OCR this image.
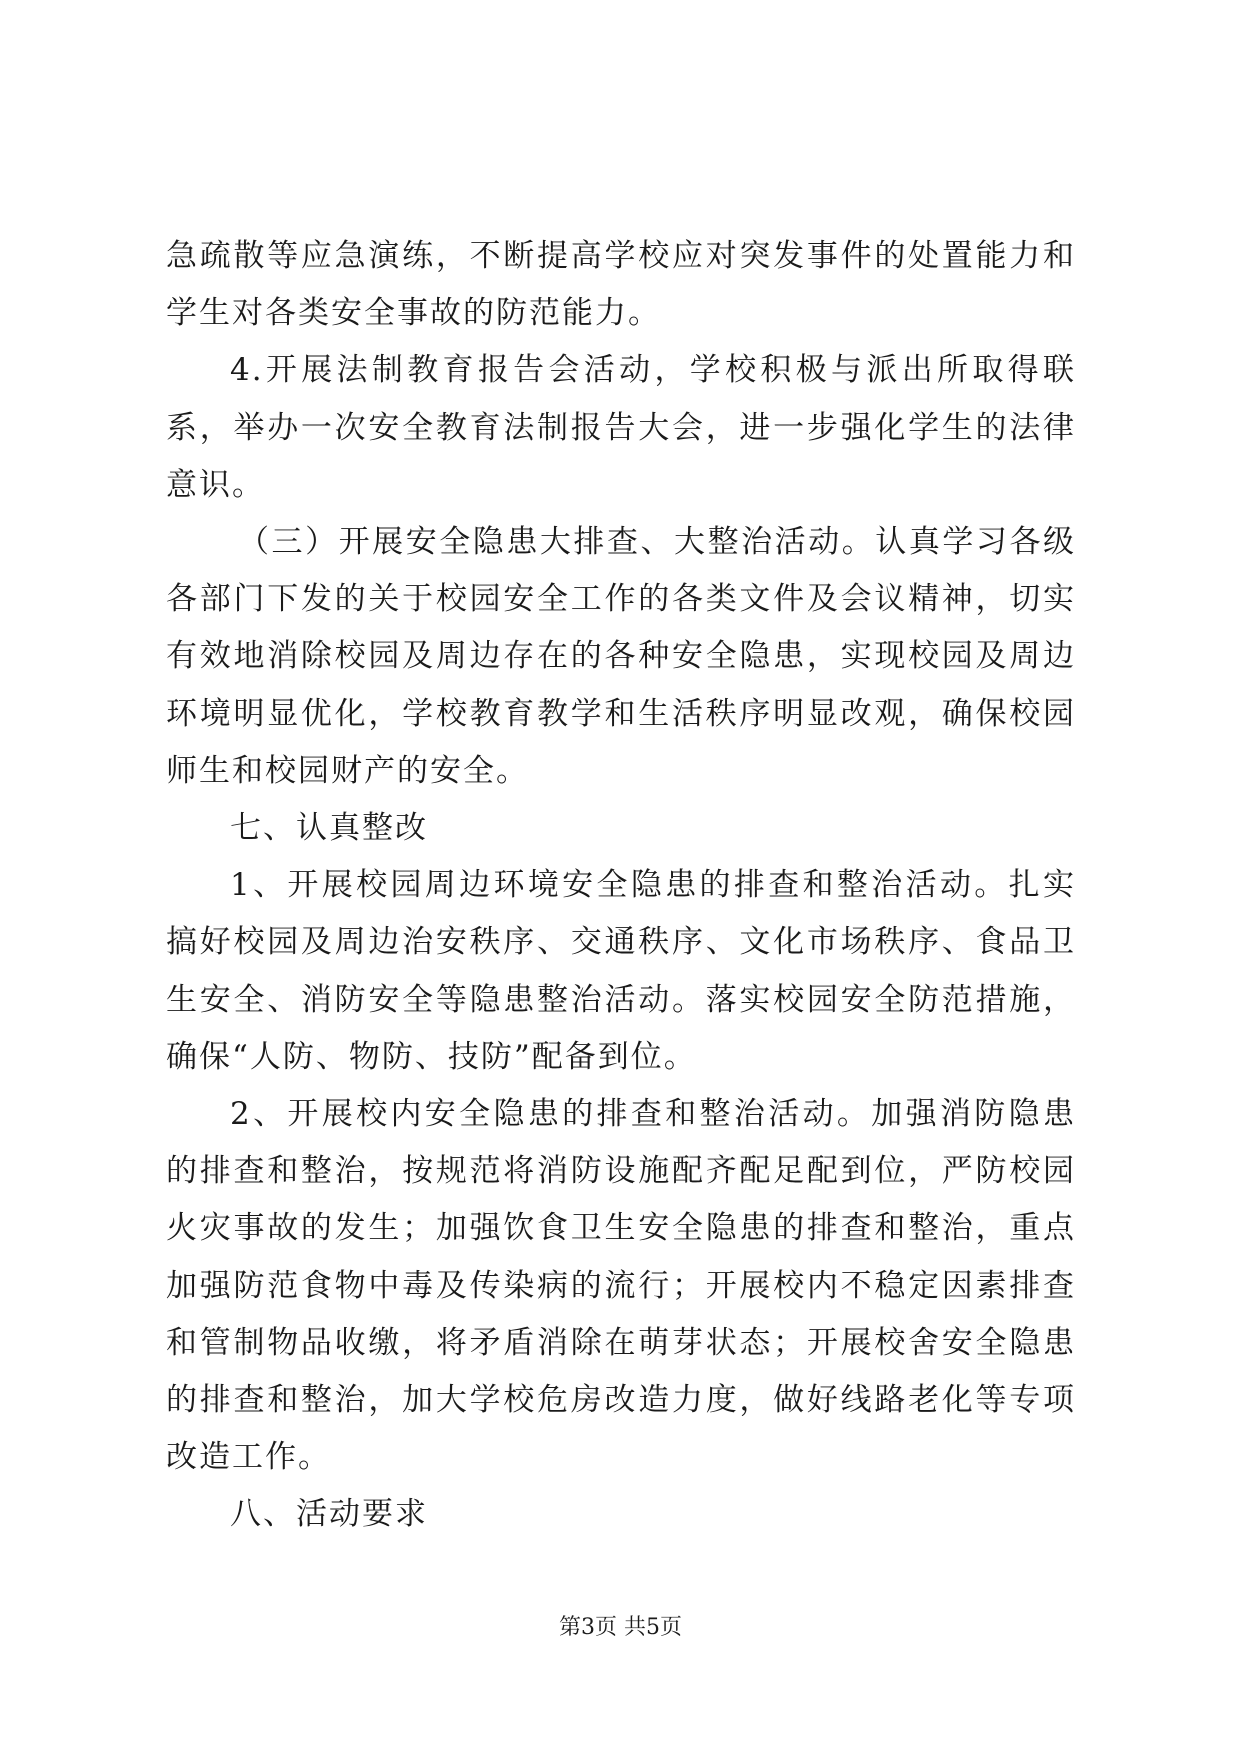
急疏散等应急演练，不断提高学校应对突发事件的处置能力和学生对各类安全事故的防范能力。

4.开展法制教育报告会活动，学校积极与派出所取得联系，举办一次安全教育法制报告大会，进一步强化学生的法律意识。

（三）开展安全隐患大排查、大整治活动。认真学习各级各部门下发的关于校园安全工作的各类文件及会议精神，切实有效地消除校园及周边存在的各种安全隐患，实现校园及周边环境明显优化，学校教育教学和生活秩序明显改观，确保校园师生和校园财产的安全。

七、认真整改

1、开展校园周边环境安全隐患的排查和整治活动。扎实搞好校园及周边治安秩序、交通秩序、文化市场秩序、食品卫生安全、消防安全等隐患整治活动。落实校园安全防范措施，确保“人防、物防、技防”配备到位。

2、开展校内安全隐患的排查和整治活动。加强消防隐患的排查和整治，按规范将消防设施配齐配足配到位，严防校园火灾事故的发生；加强饮食卫生安全隐患的排查和整治，重点加强防范食物中毒及传染病的流行；开展校内不稳定因素排查和管制物品收缴，将矛盾消除在萌芽状态；开展校舍安全隐患的排查和整治，加大学校危房改造力度，做好线路老化等专项改造工作。

八、活动要求

第3页 共5页
